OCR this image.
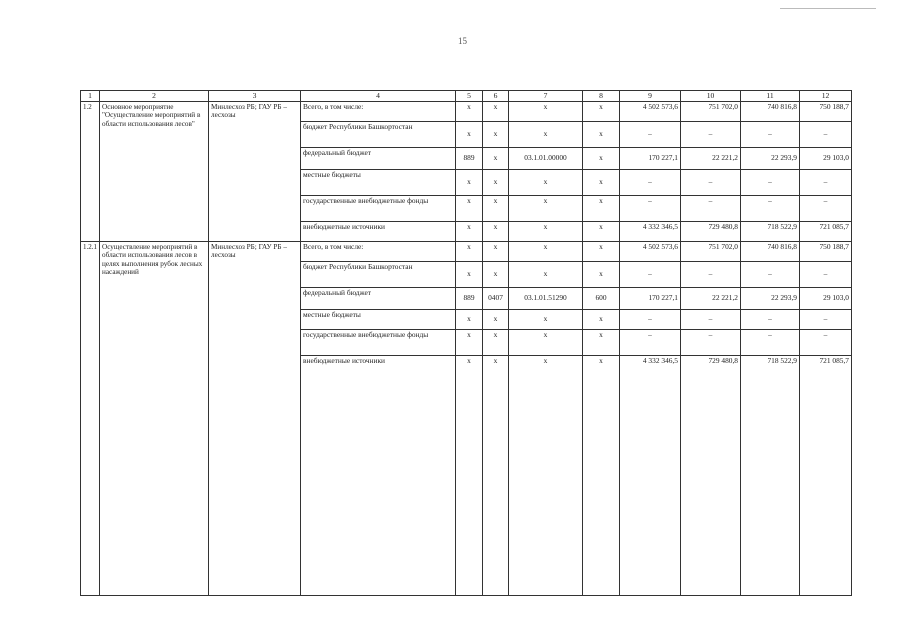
15
1	2	3	4	5	6	7	8	9	10	11	12
1.2	Основное мероприятие "Осуществление мероприятий в области использования лесов"	Минлесхоз РБ; ГАУ РБ – лесхозы	Всего, в том числе:	x	x	x	x	4 502 573,6	751 702,0	740 816,8	750 188,7
			бюджет Республики Башкортостан	x	x	x	x	–	–	–	–
			федеральный бюджет	889	x	03.1.01.00000	x	170 227,1	22 221,2	22 293,9	29 103,0
			местные бюджеты	x	x	x	x	–	–	–	–
			государственные внебюджетные фонды	x	x	x	x	–	–	–	–
			внебюджетные источники	x	x	x	x	4 332 346,5	729 480,8	718 522,9	721 085,7
1.2.1	Осуществление мероприятий в области использования лесов в целях выполнения рубок лесных насаждений	Минлесхоз РБ; ГАУ РБ – лесхозы	Всего, в том числе:	x	x	x	x	4 502 573,6	751 702,0	740 816,8	750 188,7
			бюджет Республики Башкортостан	x	x	x	x	–	–	–	–
			федеральный бюджет	889	0407	03.1.01.51290	600	170 227,1	22 221,2	22 293,9	29 103,0
			местные бюджеты	x	x	x	x	–	–	–	–
			государственные внебюджетные фонды	x	x	x	x	–	–	–	–
			внебюджетные источники	x	x	x	x	4 332 346,5	729 480,8	718 522,9	721 085,7
